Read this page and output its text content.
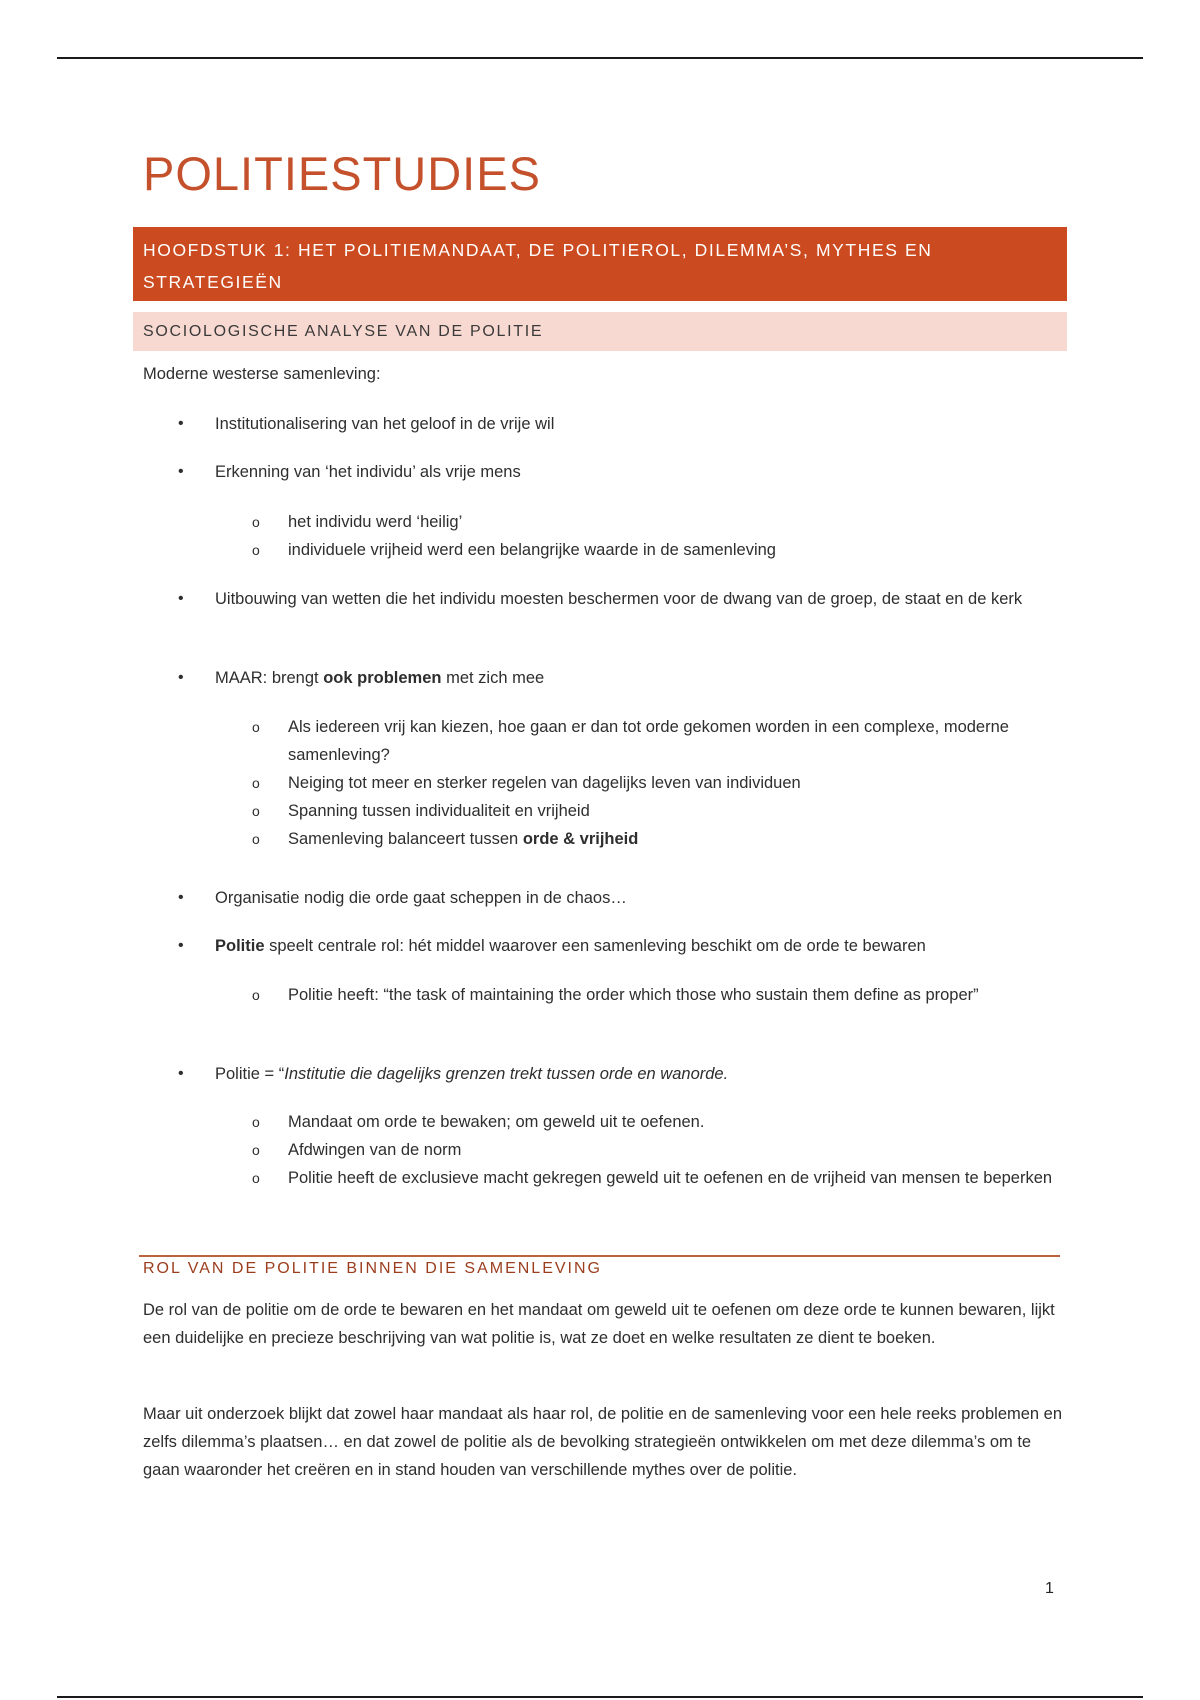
POLITIESTUDIES
HOOFDSTUK 1: HET POLITIEMANDAAT, DE POLITIEROL, DILEMMA’S, MYTHES EN STRATEGIEËN
SOCIOLOGISCHE ANALYSE VAN DE POLITIE
Moderne westerse samenleving:
• Institutionalisering van het geloof in de vrije wil
• Erkenning van ‘het individu’ als vrije mens
o het individu werd ‘heilig’
o individuele vrijheid werd een belangrijke waarde in de samenleving
• Uitbouwing van wetten die het individu moesten beschermen voor de dwang van de groep, de staat en de kerk
• MAAR: brengt ook problemen met zich mee
o Als iedereen vrij kan kiezen, hoe gaan er dan tot orde gekomen worden in een complexe, moderne samenleving?
o Neiging tot meer en sterker regelen van dagelijks leven van individuen
o Spanning tussen individualiteit en vrijheid
o Samenleving balanceert tussen orde & vrijheid
• Organisatie nodig die orde gaat scheppen in de chaos…
• Politie speelt centrale rol: hét middel waarover een samenleving beschikt om de orde te bewaren
o Politie heeft: “the task of maintaining the order which those who sustain them define as proper”
• Politie = “Institutie die dagelijks grenzen trekt tussen orde en wanorde.
o Mandaat om orde te bewaken; om geweld uit te oefenen.
o Afdwingen van de norm
o Politie heeft de exclusieve macht gekregen geweld uit te oefenen en de vrijheid van mensen te beperken
ROL VAN DE POLITIE BINNEN DIE SAMENLEVING
De rol van de politie om de orde te bewaren en het mandaat om geweld uit te oefenen om deze orde te kunnen bewaren, lijkt een duidelijke en precieze beschrijving van wat politie is, wat ze doet en welke resultaten ze dient te boeken.
Maar uit onderzoek blijkt dat zowel haar mandaat als haar rol, de politie en de samenleving voor een hele reeks problemen en zelfs dilemma’s plaatsen… en dat zowel de politie als de bevolking strategieën ontwikkelen om met deze dilemma’s om te gaan waaronder het creëren en in stand houden van verschillende mythes over de politie.
1
